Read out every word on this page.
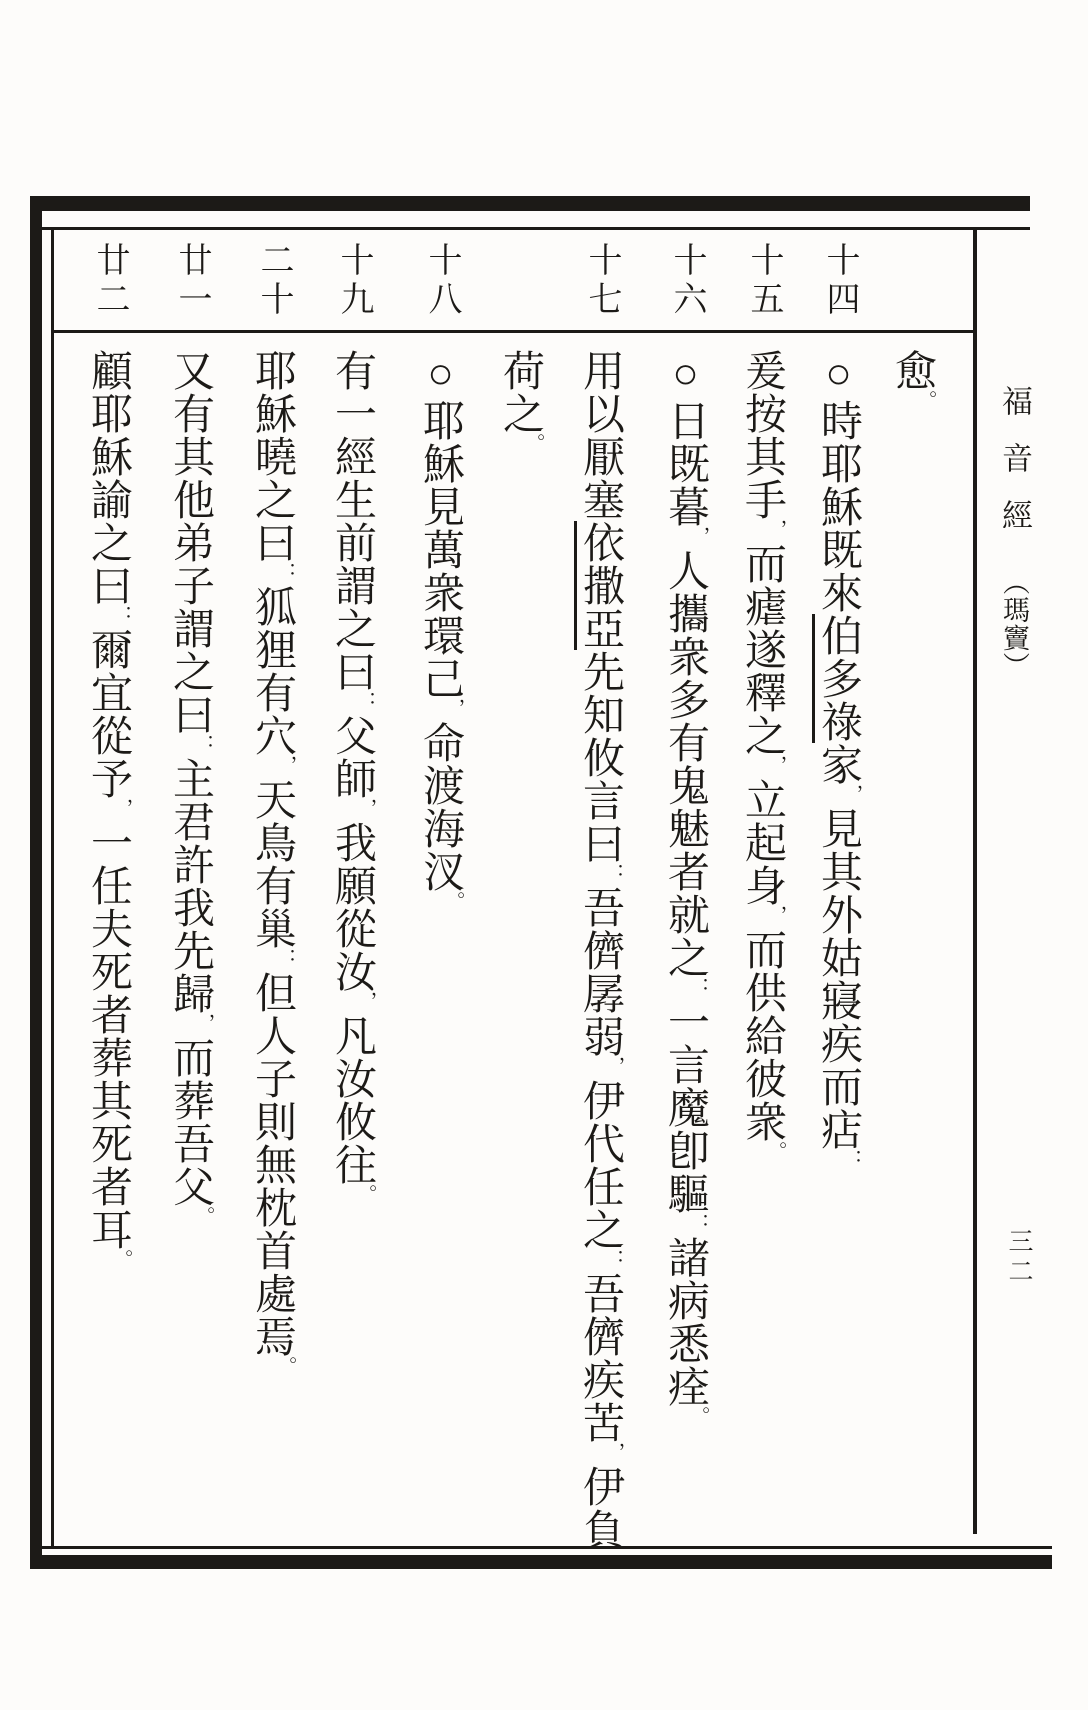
福音經（瑪竇）
三二
十四
十五
十六
十七
十八
十九
二十
廿一
廿二
愈。
○時耶穌既來伯多祿家，見其外姑寢疾而痁：
爰按其手，而瘧遂釋之，立起身，而供給彼衆。
○日既暮，人攜衆多有鬼魅者就之：一言魔卽驅：諸病悉痊。
用以厭塞依撒亞先知攸言曰：吾儕孱弱，伊代任之：吾儕疾苦，伊負
荷之。
○耶穌見萬衆環己，命渡海汊。
有一經生前謂之曰：父師，我願從汝，凡汝攸往。
耶穌曉之曰：狐狸有穴，天鳥有巢：但人子則無枕首處焉。
又有其他弟子謂之曰：主君許我先歸，而葬吾父。
顧耶穌諭之曰：爾宜從予，一任夫死者葬其死者耳。
